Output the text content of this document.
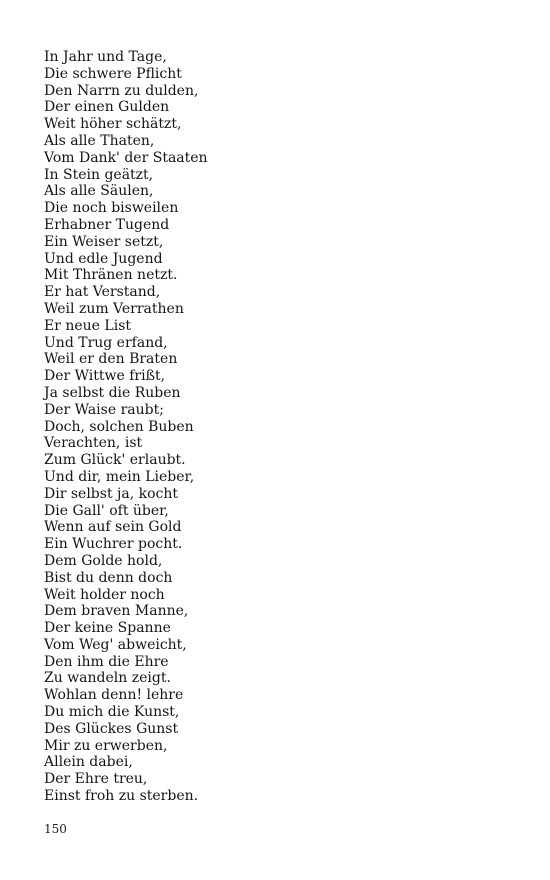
In Jahr und Tage,
Die schwere Pflicht
Den Narrn zu dulden,
Der einen Gulden
Weit höher schätzt,
Als alle Thaten,
Vom Dank' der Staaten
In Stein geätzt,
Als alle Säulen,
Die noch bisweilen
Erhabner Tugend
Ein Weiser setzt,
Und edle Jugend
Mit Thränen netzt.
Er hat Verstand,
Weil zum Verrathen
Er neue List
Und Trug erfand,
Weil er den Braten
Der Wittwe frißt,
Ja selbst die Ruben
Der Waise raubt;
Doch, solchen Buben
Verachten, ist
Zum Glück' erlaubt.
Und dir, mein Lieber,
Dir selbst ja, kocht
Die Gall' oft über,
Wenn auf sein Gold
Ein Wuchrer pocht.
Dem Golde hold,
Bist du denn doch
Weit holder noch
Dem braven Manne,
Der keine Spanne
Vom Weg' abweicht,
Den ihm die Ehre
Zu wandeln zeigt.
Wohlan denn! lehre
Du mich die Kunst,
Des Glückes Gunst
Mir zu erwerben,
Allein dabei,
Der Ehre treu,
Einst froh zu sterben.
150
